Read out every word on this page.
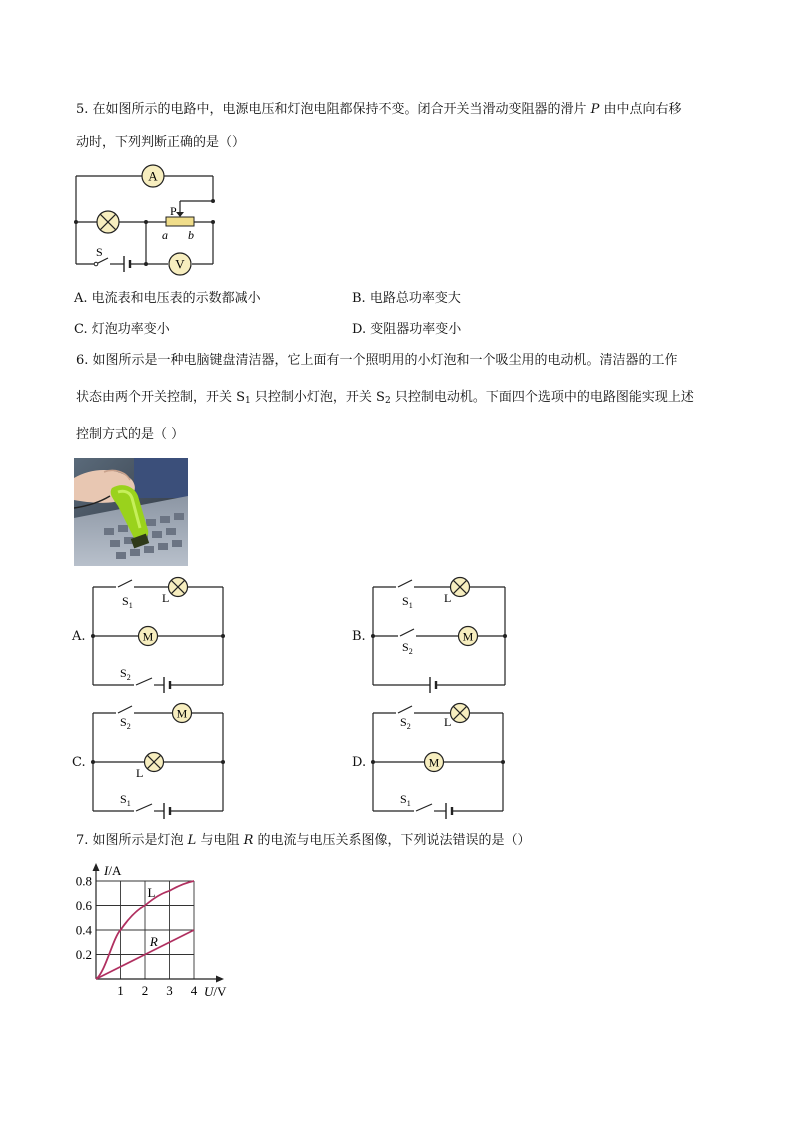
5. 在如图所示的电路中，电源电压和灯泡电阻都保持不变。闭合开关当滑动变阻器的滑片 P 由中点向右移
动时，下列判断正确的是（）
A
V
P
a b
S
A. 电流表和电压表的示数都减小	B. 电路总功率变大
C. 灯泡功率变小	D. 变阻器功率变小
6. 如图所示是一种电脑键盘清洁器，它上面有一个照明用的小灯泡和一个吸尘用的电动机。清洁器的工作
状态由两个开关控制，开关 $S_1$ 只控制小灯泡，开关 $S_2$ 只控制电动机。下面四个选项中的电路图能实现上述
控制方式的是（ ）
A.	M
$S_1$
L
$S_2$
B.	M
$S_1$
L
$S_2$
C.
M
$S_2$
L
$S_1$
D.	M
$S_2$	L
$S_1$
7. 如图所示是灯泡 L 与电阻 R 的电流与电压关系图像，下列说法错误的是（）
1 2 3 4
0.2
0.4
0.6
0.8
I/A
U/V
L
R
